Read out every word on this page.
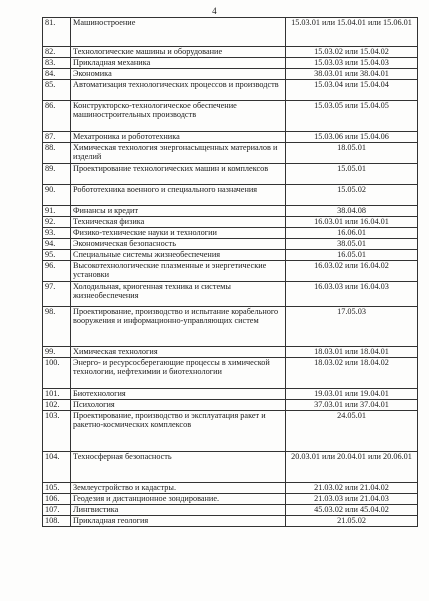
4
81.	Машиностроение	15.03.01 или 15.04.01 или 15.06.01
82.	Технологические машины и оборудование	15.03.02 или 15.04.02
83.	Прикладная механика	15.03.03 или 15.04.03
84.	Экономика	38.03.01 или 38.04.01
85.	Автоматизация технологических процессов и производств	15.03.04 или 15.04.04
86.	Конструкторско-технологическое обеспечение машиностроительных производств	15.03.05 или 15.04.05
87.	Мехатроника и робототехника	15.03.06 или 15.04.06
88.	Химическая технология энергонасыщенных материалов и изделий	18.05.01
89.	Проектирование технологических машин и комплексов	15.05.01
90.	Робототехника военного и специального назначения	15.05.02
91.	Финансы и кредит	38.04.08
92.	Техническая физика	16.03.01 или 16.04.01
93.	Физико-технические науки и технологии	16.06.01
94.	Экономическая безопасность	38.05.01
95.	Специальные системы жизнеобеспечения	16.05.01
96.	Высокотехнологические плазменные и энергетические установки	16.03.02 или 16.04.02
97.	Холодильная, криогенная техника и системы жизнеобеспечения	16.03.03 или 16.04.03
98.	Проектирование, производство и испытание корабельного вооружения и информационно-управляющих систем	17.05.03
99.	Химическая технология	18.03.01 или 18.04.01
100.	Энерго- и ресурсосберегающие процессы в химической технологии, нефтехимии и биотехнологии	18.03.02 или 18.04.02
101.	Биотехнология	19.03.01 или 19.04.01
102.	Психология	37.03.01 или 37.04.01
103.	Проектирование, производство и эксплуатация ракет и ракетно-космических комплексов	24.05.01
104.	Техносферная безопасность	20.03.01 или 20.04.01 или 20.06.01
105.	Землеустройство и кадастры.	21.03.02 или 21.04.02
106.	Геодезия и дистанционное зондирование.	21.03.03 или 21.04.03
107.	Лингвистика	45.03.02 или 45.04.02
108.	Прикладная геология	21.05.02
